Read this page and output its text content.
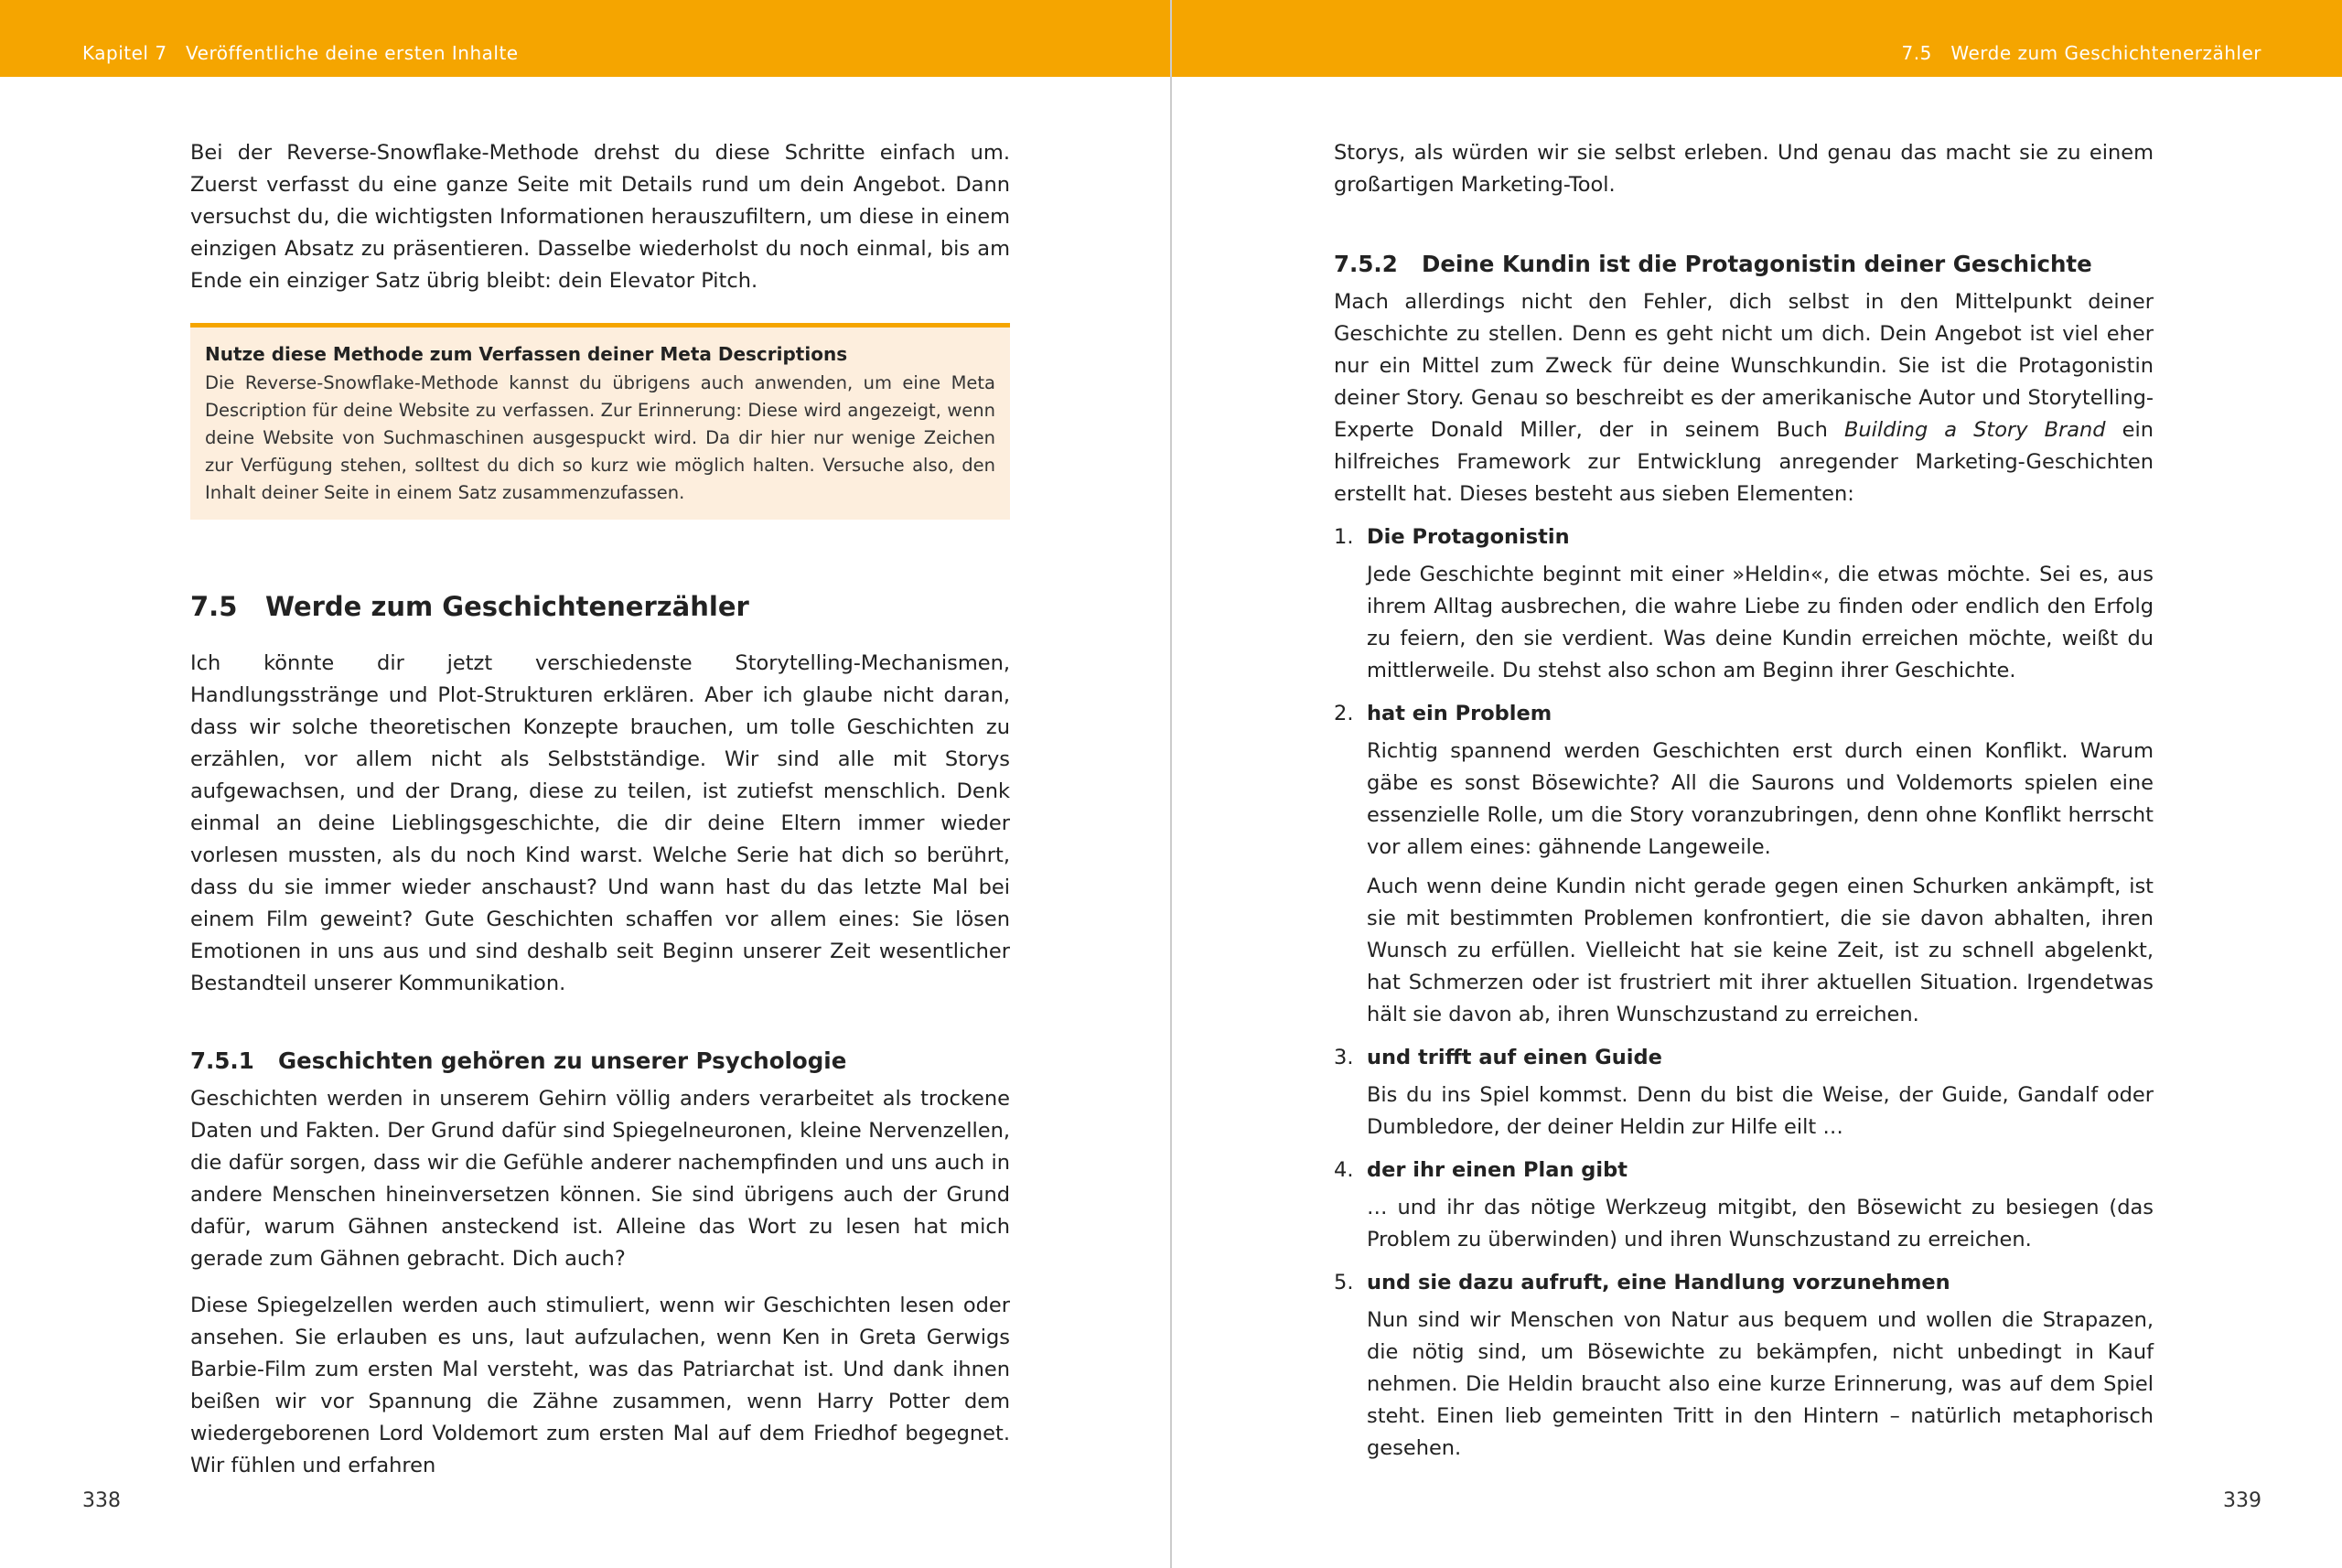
Kapitel 7 Veröffentliche deine ersten Inhalte	7.5 Werde zum Geschichtenerzähler

Bei der Reverse-Snowflake-Methode drehst du diese Schritte einfach um. Zuerst verfasst du eine ganze Seite mit Details rund um dein Angebot. Dann versuchst du, die wichtigsten Informationen herauszufiltern, um diese in einem einzigen Absatz zu präsentieren. Dasselbe wiederholst du noch einmal, bis am Ende ein einziger Satz übrig bleibt: dein Elevator Pitch.

Nutze diese Methode zum Verfassen deiner Meta Descriptions

Die Reverse-Snowflake-Methode kannst du übrigens auch anwenden, um eine Meta Description für deine Website zu verfassen. Zur Erinnerung: Diese wird angezeigt, wenn deine Website von Suchmaschinen ausgespuckt wird. Da dir hier nur wenige Zeichen zur Verfügung stehen, solltest du dich so kurz wie möglich halten. Versuche also, den Inhalt deiner Seite in einem Satz zusammenzufassen.

7.5	Werde zum Geschichtenerzähler

Ich könnte dir jetzt verschiedenste Storytelling-Mechanismen, Handlungsstränge und Plot-Strukturen erklären. Aber ich glaube nicht daran, dass wir solche theoretischen Konzepte brauchen, um tolle Geschichten zu erzählen, vor allem nicht als Selbstständige. Wir sind alle mit Storys aufgewachsen, und der Drang, diese zu teilen, ist zutiefst menschlich. Denk einmal an deine Lieblingsgeschichte, die dir deine Eltern immer wieder vorlesen mussten, als du noch Kind warst. Welche Serie hat dich so berührt, dass du sie immer wieder anschaust? Und wann hast du das letzte Mal bei einem Film geweint? Gute Geschichten schaffen vor allem eines: Sie lösen Emotionen in uns aus und sind deshalb seit Beginn unserer Zeit wesentlicher Bestandteil unserer Kommunikation.

7.5.1	Geschichten gehören zu unserer Psychologie

Geschichten werden in unserem Gehirn völlig anders verarbeitet als trockene Daten und Fakten. Der Grund dafür sind Spiegelneuronen, kleine Nervenzellen, die dafür sorgen, dass wir die Gefühle anderer nachempfinden und uns auch in andere Menschen hineinversetzen können. Sie sind übrigens auch der Grund dafür, warum Gähnen ansteckend ist. Alleine das Wort zu lesen hat mich gerade zum Gähnen gebracht. Dich auch?

Diese Spiegelzellen werden auch stimuliert, wenn wir Geschichten lesen oder ansehen. Sie erlauben es uns, laut aufzulachen, wenn Ken in Greta Gerwigs Barbie-Film zum ersten Mal versteht, was das Patriarchat ist. Und dank ihnen beißen wir vor Spannung die Zähne zusammen, wenn Harry Potter dem wiedergeborenen Lord Voldemort zum ersten Mal auf dem Friedhof begegnet. Wir fühlen und erfahren

Storys, als würden wir sie selbst erleben. Und genau das macht sie zu einem großartigen Marketing-Tool.

7.5.2	Deine Kundin ist die Protagonistin deiner Geschichte

Mach allerdings nicht den Fehler, dich selbst in den Mittelpunkt deiner Geschichte zu stellen. Denn es geht nicht um dich. Dein Angebot ist viel eher nur ein Mittel zum Zweck für deine Wunschkundin. Sie ist die Protagonistin deiner Story. Genau so beschreibt es der amerikanische Autor und Storytelling-Experte Donald Miller, der in seinem Buch Building a Story Brand ein hilfreiches Framework zur Entwicklung anregender Marketing-Geschichten erstellt hat. Dieses besteht aus sieben Elementen:

1. Die Protagonistin

Jede Geschichte beginnt mit einer »Heldin«, die etwas möchte. Sei es, aus ihrem Alltag ausbrechen, die wahre Liebe zu finden oder endlich den Erfolg zu feiern, den sie verdient. Was deine Kundin erreichen möchte, weißt du mittlerweile. Du stehst also schon am Beginn ihrer Geschichte.

2. hat ein Problem

Richtig spannend werden Geschichten erst durch einen Konflikt. Warum gäbe es sonst Bösewichte? All die Saurons und Voldemorts spielen eine essenzielle Rolle, um die Story voranzubringen, denn ohne Konflikt herrscht vor allem eines: gähnende Langeweile.

Auch wenn deine Kundin nicht gerade gegen einen Schurken ankämpft, ist sie mit bestimmten Problemen konfrontiert, die sie davon abhalten, ihren Wunsch zu erfüllen. Vielleicht hat sie keine Zeit, ist zu schnell abgelenkt, hat Schmerzen oder ist frustriert mit ihrer aktuellen Situation. Irgendetwas hält sie davon ab, ihren Wunschzustand zu erreichen.

3. und trifft auf einen Guide

Bis du ins Spiel kommst. Denn du bist die Weise, der Guide, Gandalf oder Dumbledore, der deiner Heldin zur Hilfe eilt …

4. der ihr einen Plan gibt

… und ihr das nötige Werkzeug mitgibt, den Bösewicht zu besiegen (das Problem zu überwinden) und ihren Wunschzustand zu erreichen.

5. und sie dazu aufruft, eine Handlung vorzunehmen

Nun sind wir Menschen von Natur aus bequem und wollen die Strapazen, die nötig sind, um Bösewichte zu bekämpfen, nicht unbedingt in Kauf nehmen. Die Heldin braucht also eine kurze Erinnerung, was auf dem Spiel steht. Einen lieb gemeinten Tritt in den Hintern – natürlich metaphorisch gesehen.

338	339
